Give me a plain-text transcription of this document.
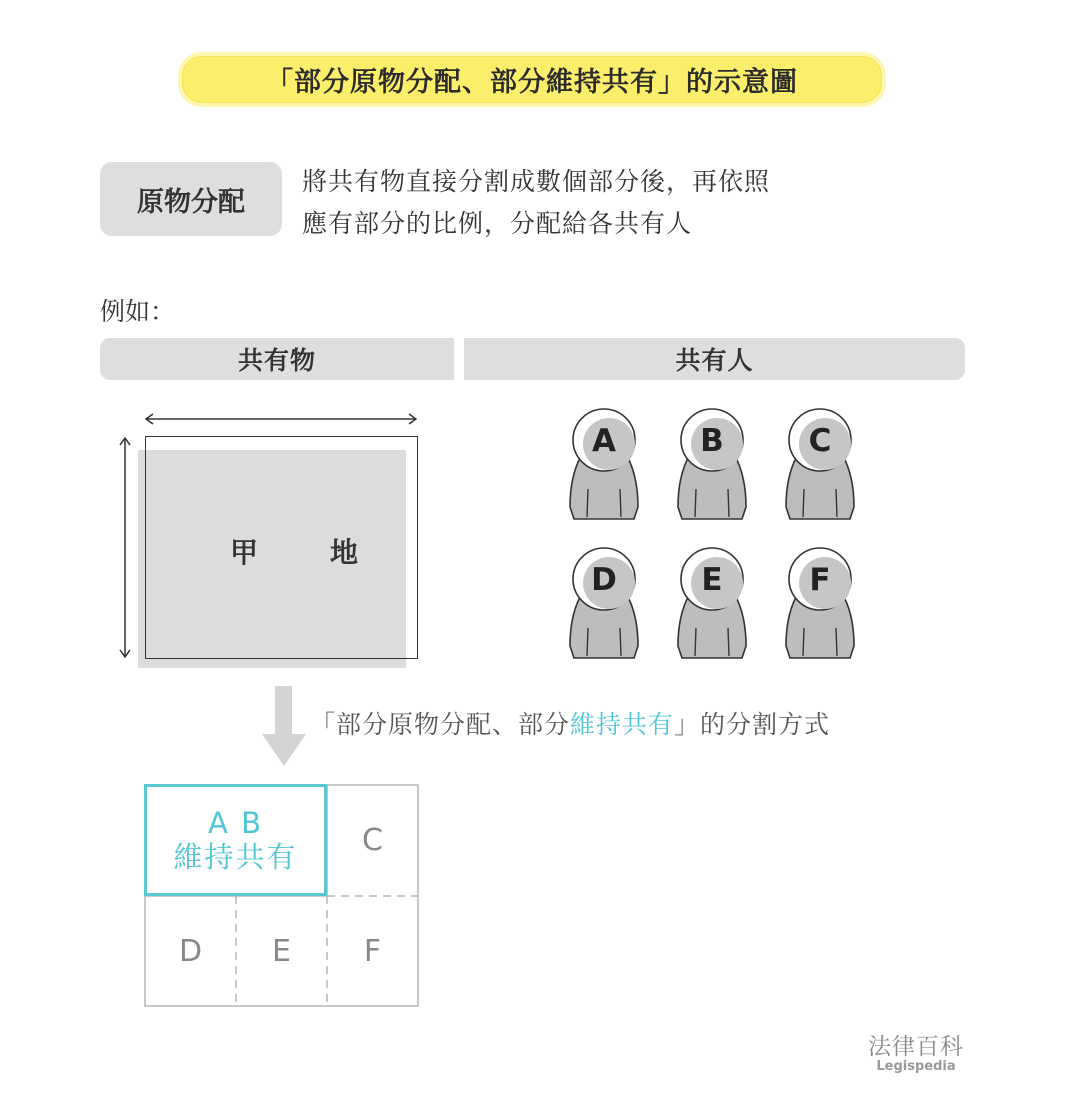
「部分原物分配、部分維持共有」的示意圖
原物分配
將共有物直接分割成數個部分後，再依照
應有部分的比例，分配給各共有人
例如：
共有物	共有人
甲　地
A	B	C
D	E	F
「部分原物分配、部分維持共有」的分割方式
A B
維持共有	C
D	E	F
法律百科
Legispedia
